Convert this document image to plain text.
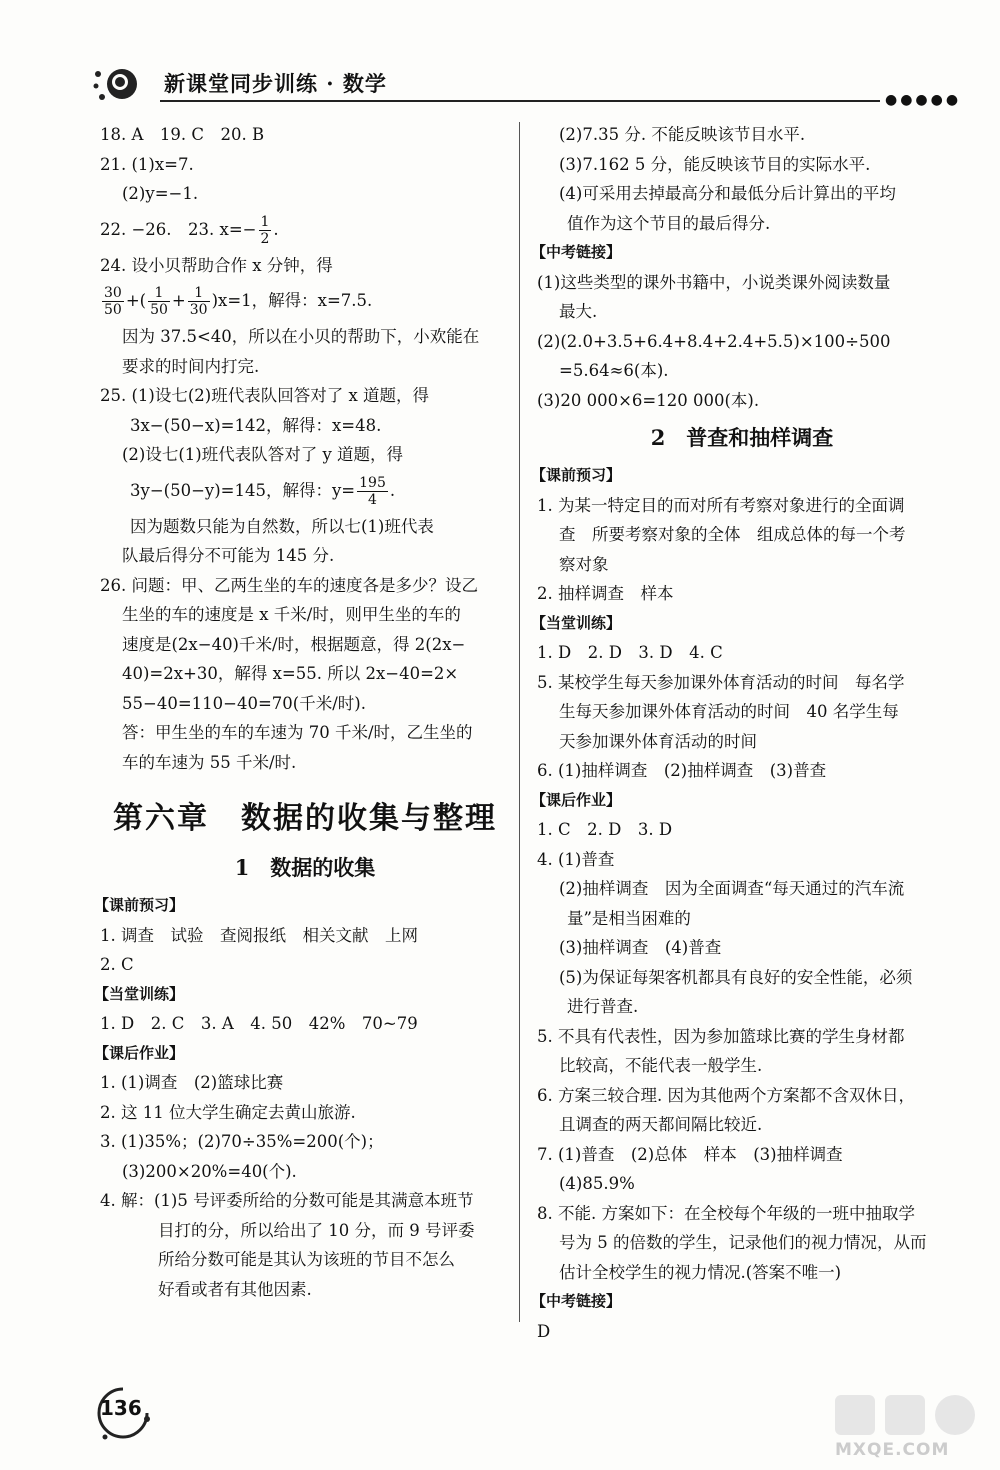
新课堂同步训练 · 数学
●●●●●
18. A　19. C　20. B
21. (1)x=7.
(2)y=−1.
22. −26.　23. $x=- \frac{1}{2}$ .
24. 设小贝帮助合作 x 分钟，得
$\frac{30}{50}$ +( $\frac{1}{50} + \frac{1}{30} )x=1$，解得：x=7.5.
因为 37.5<40，所以在小贝的帮助下，小欢能在
要求的时间内打完.
25. (1)设七(2)班代表队回答对了 x 道题，得
3x−(50−x)=142，解得：x=48.
(2)设七(1)班代表队答对了 y 道题，得
3y−(50−y)=145，解得：$y= \frac{195}{4}$ .
因为题数只能为自然数，所以七(1)班代表
队最后得分不可能为 145 分.
26. 问题：甲、乙两生坐的车的速度各是多少？设乙
生坐的车的速度是 x 千米/时，则甲生坐的车的
速度是(2x−40)千米/时，根据题意，得 2(2x−
40)=2x+30，解得 x=55. 所以 2x−40=2×
55−40=110−40=70(千米/时).
答：甲生坐的车的车速为 70 千米/时，乙生坐的
车的车速为 55 千米/时.
第六章　数据的收集与整理
1　数据的收集
【课前预习】
1. 调查　试验　查阅报纸　相关文献　上网
2. C
【当堂训练】
1. D　2. C　3. A　4. 50　42%　70~79
【课后作业】
1. (1)调查　(2)篮球比赛
2. 这 11 位大学生确定去黄山旅游.
3. (1)35%；(2)70÷35%=200(个)；
(3)200×20%=40(个).
4. 解：(1)5 号评委所给的分数可能是其满意本班节
目打的分，所以给出了 10 分，而 9 号评委
所给分数可能是其认为该班的节目不怎么
好看或者有其他因素.
(2)7.35 分. 不能反映该节目水平.
(3)7.162 5 分，能反映该节目的实际水平.
(4)可采用去掉最高分和最低分后计算出的平均
值作为这个节目的最后得分.
【中考链接】
(1)这些类型的课外书籍中，小说类课外阅读数量
最大.
(2)(2.0+3.5+6.4+8.4+2.4+5.5)×100÷500
=5.64≈6(本).
(3)20 000×6=120 000(本).
2　普查和抽样调查
【课前预习】
1. 为某一特定目的而对所有考察对象进行的全面调
查　所要考察对象的全体　组成总体的每一个考
察对象
2. 抽样调查　样本
【当堂训练】
1. D　2. D　3. D　4. C
5. 某校学生每天参加课外体育活动的时间　每名学
生每天参加课外体育活动的时间　40 名学生每
天参加课外体育活动的时间
6. (1)抽样调查　(2)抽样调查　(3)普查
【课后作业】
1. C　2. D　3. D
4. (1)普查
(2)抽样调查　因为全面调查“每天通过的汽车流
量”是相当困难的
(3)抽样调查　(4)普查
(5)为保证每架客机都具有良好的安全性能，必须
进行普查.
5. 不具有代表性，因为参加篮球比赛的学生身材都
比较高，不能代表一般学生.
6. 方案三较合理. 因为其他两个方案都不含双休日，
且调查的两天都间隔比较近.
7. (1)普查　(2)总体　样本　(3)抽样调查
(4)85.9%
8. 不能. 方案如下：在全校每个年级的一班中抽取学
号为 5 的倍数的学生，记录他们的视力情况，从而
估计全校学生的视力情况.(答案不唯一)
【中考链接】
D
136
MXQE.COM
